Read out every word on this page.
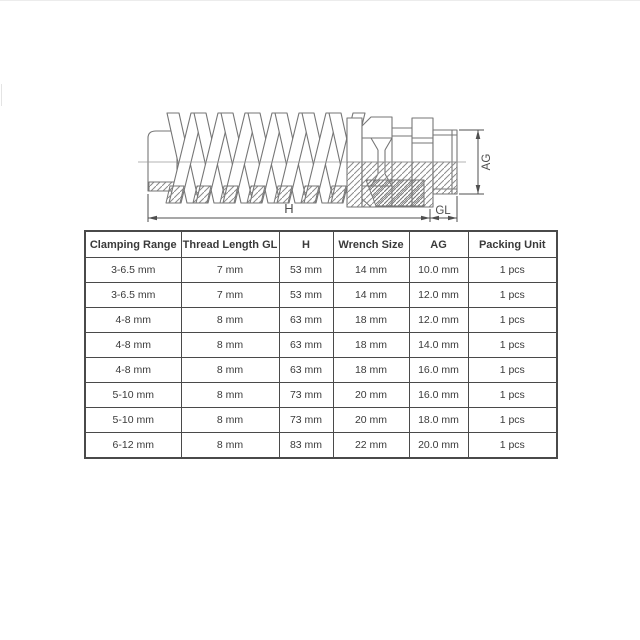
H	GL
AG
Clamping Range	Thread Length GL	H	Wrench Size	AG	Packing Unit
3-6.5 mm	7 mm	53 mm	14 mm	10.0 mm	1 pcs
3-6.5 mm	7 mm	53 mm	14 mm	12.0 mm	1 pcs
4-8 mm	8 mm	63 mm	18 mm	12.0 mm	1 pcs
4-8 mm	8 mm	63 mm	18 mm	14.0 mm	1 pcs
4-8 mm	8 mm	63 mm	18 mm	16.0 mm	1 pcs
5-10 mm	8 mm	73 mm	20 mm	16.0 mm	1 pcs
5-10 mm	8 mm	73 mm	20 mm	18.0 mm	1 pcs
6-12 mm	8 mm	83 mm	22 mm	20.0 mm	1 pcs
